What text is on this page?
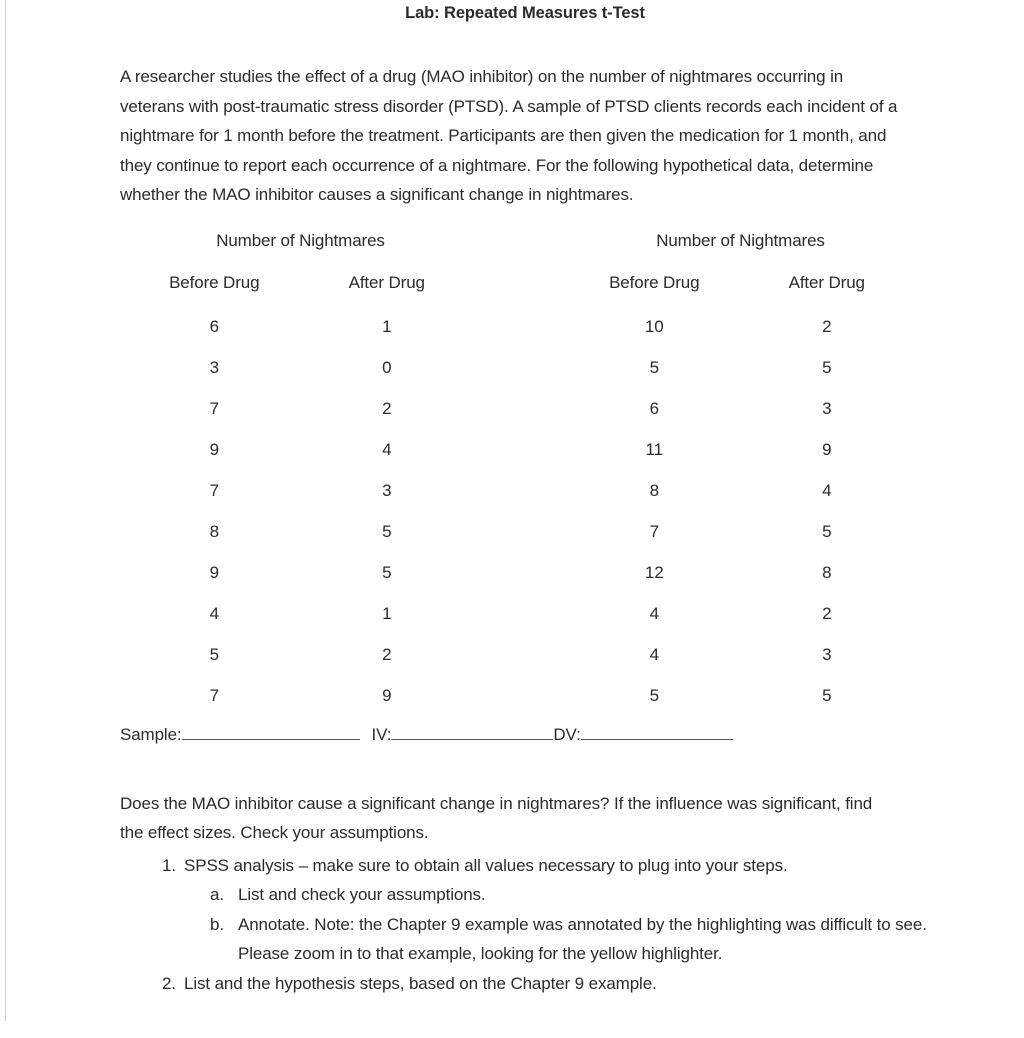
Lab: Repeated Measures t-Test

A researcher studies the effect of a drug (MAO inhibitor) on the number of nightmares occurring in veterans with post-traumatic stress disorder (PTSD). A sample of PTSD clients records each incident of a nightmare for 1 month before the treatment. Participants are then given the medication for 1 month, and they continue to report each occurrence of a nightmare. For the following hypothetical data, determine whether the MAO inhibitor causes a significant change in nightmares.

Number of Nightmares
Before Drug	After Drug
6	1
3	0
7	2
9	4
7	3
8	5
9	5
4	1
5	2
7	9
Number of Nightmares
Before Drug	After Drug
10	2
5	5
6	3
11	9
8	4
7	5
12	8
4	2
4	3
5	5
Sample:	IV:	DV:

Does the MAO inhibitor cause a significant change in nightmares? If the influence was significant, find the effect sizes. Check your assumptions.

1. SPSS analysis – make sure to obtain all values necessary to plug into your steps.
a. List and check your assumptions.
b. Annotate. Note: the Chapter 9 example was annotated by the highlighting was difficult to see. Please zoom in to that example, looking for the yellow highlighter.
2. List and the hypothesis steps, based on the Chapter 9 example.
